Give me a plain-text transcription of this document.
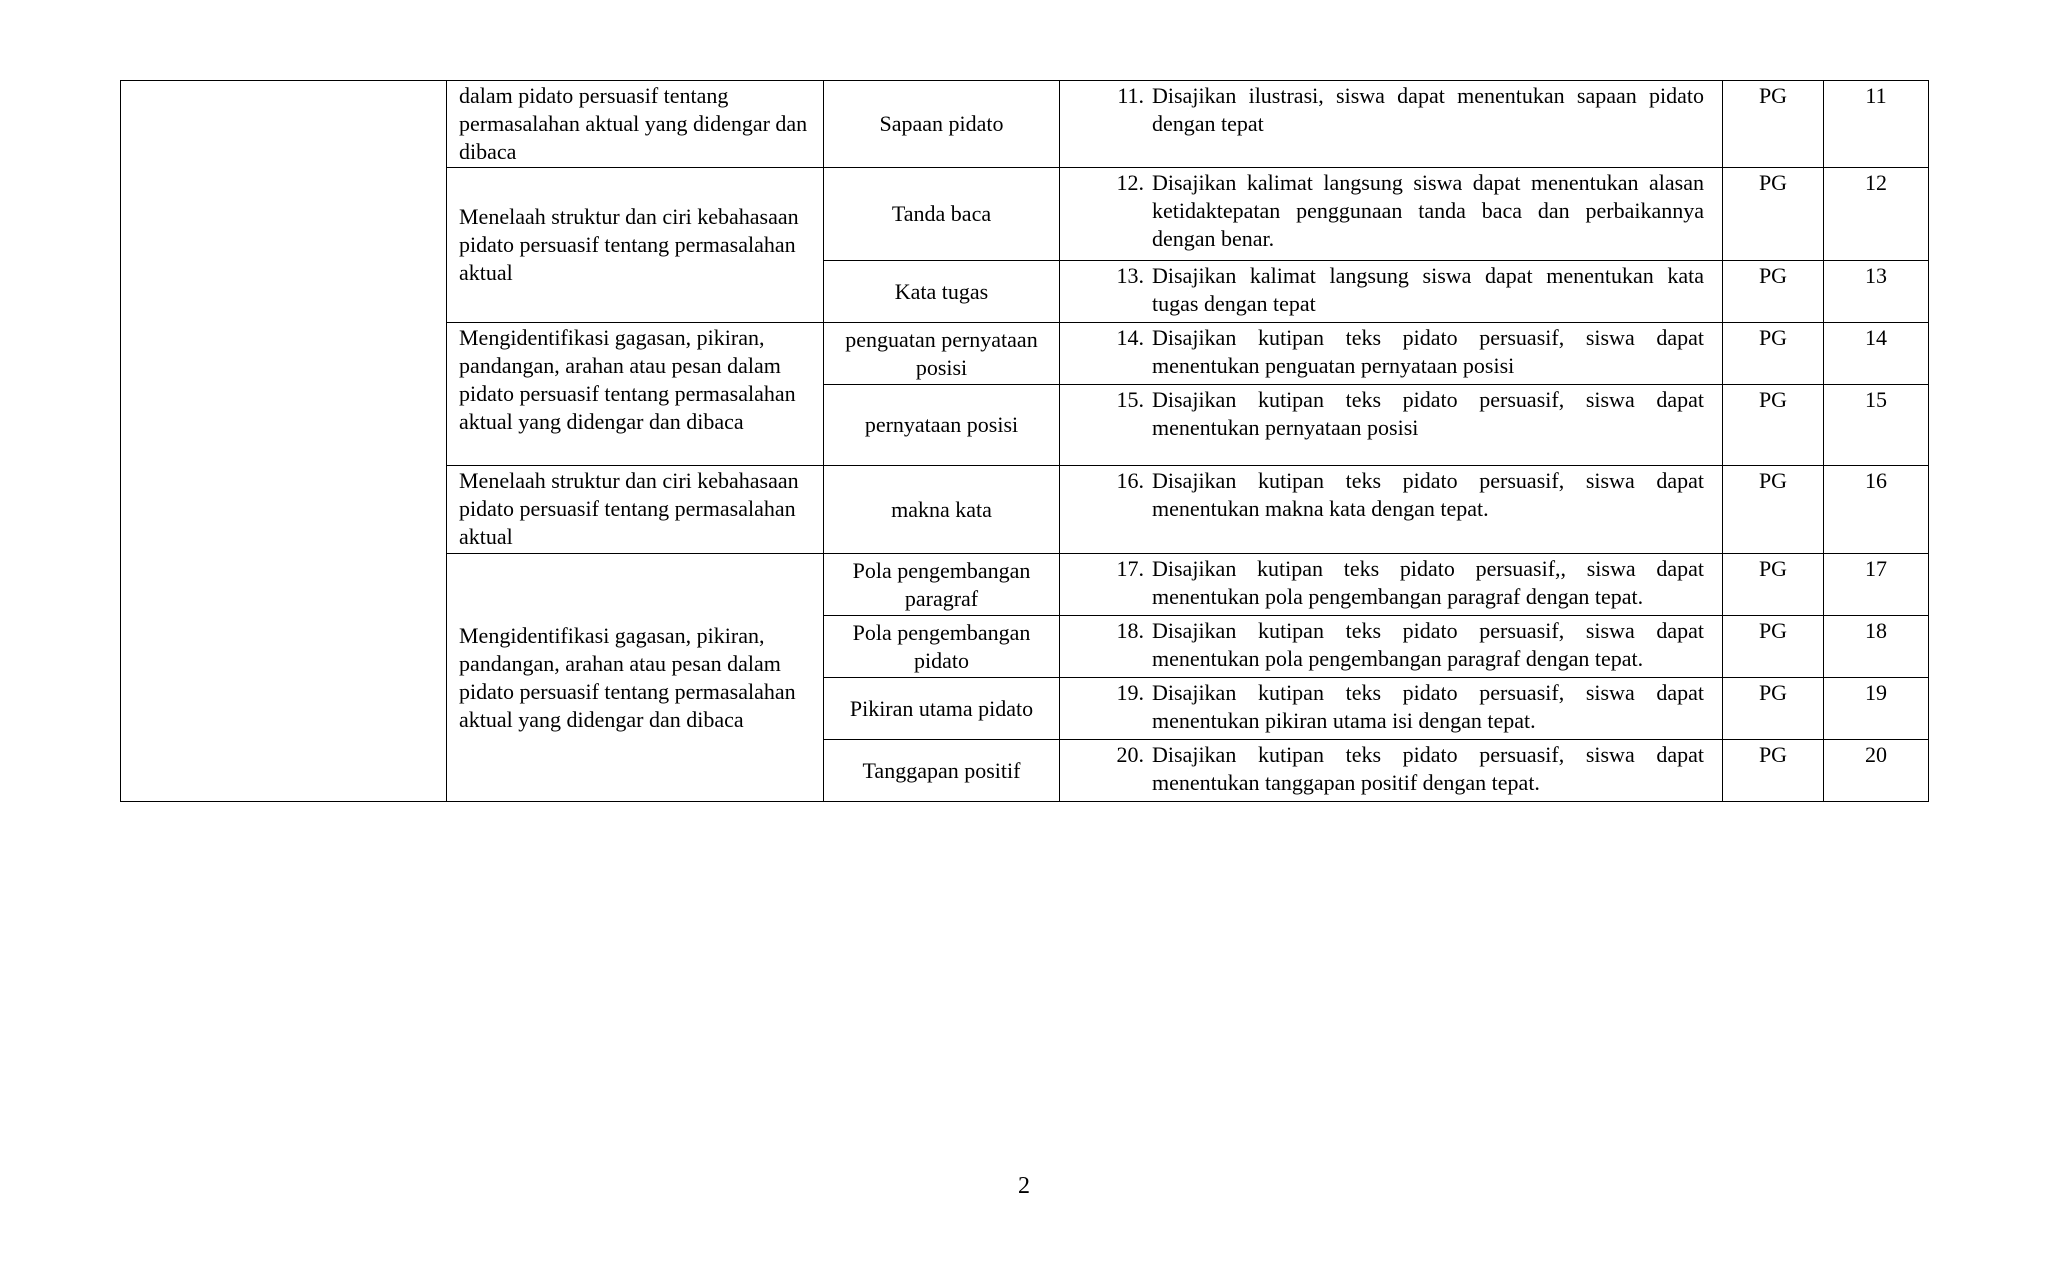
	dalam pidato persuasif tentang permasalahan aktual yang didengar dan dibaca	Sapaan pidato	11. Disajikan ilustrasi, siswa dapat menentukan sapaan pidato dengan tepat	PG	11
	Menelaah struktur dan ciri kebahasaan pidato persuasif tentang permasalahan aktual	Tanda baca	12. Disajikan kalimat langsung siswa dapat menentukan alasan ketidaktepatan penggunaan tanda baca dan perbaikannya dengan benar.	PG	12
		Kata tugas	13. Disajikan kalimat langsung siswa dapat menentukan kata tugas dengan tepat	PG	13
	Mengidentifikasi gagasan, pikiran, pandangan, arahan atau pesan dalam pidato persuasif tentang permasalahan aktual yang didengar dan dibaca	penguatan pernyataan posisi	14. Disajikan kutipan teks pidato persuasif, siswa dapat menentukan penguatan pernyataan posisi	PG	14
		pernyataan posisi	15. Disajikan kutipan teks pidato persuasif, siswa dapat menentukan pernyataan posisi	PG	15
	Menelaah struktur dan ciri kebahasaan pidato persuasif tentang permasalahan aktual	makna kata	16. Disajikan kutipan teks pidato persuasif, siswa dapat menentukan makna kata dengan tepat.	PG	16
	Mengidentifikasi gagasan, pikiran, pandangan, arahan atau pesan dalam pidato persuasif tentang permasalahan aktual yang didengar dan dibaca	Pola pengembangan paragraf	17. Disajikan kutipan teks pidato persuasif,, siswa dapat menentukan pola pengembangan paragraf dengan tepat.	PG	17
		Pola pengembangan pidato	18. Disajikan kutipan teks pidato persuasif, siswa dapat menentukan pola pengembangan paragraf dengan tepat.	PG	18
		Pikiran utama pidato	19. Disajikan kutipan teks pidato persuasif, siswa dapat menentukan pikiran utama isi dengan tepat.	PG	19
		Tanggapan positif	20. Disajikan kutipan teks pidato persuasif, siswa dapat menentukan tanggapan positif dengan tepat.	PG	20
2
